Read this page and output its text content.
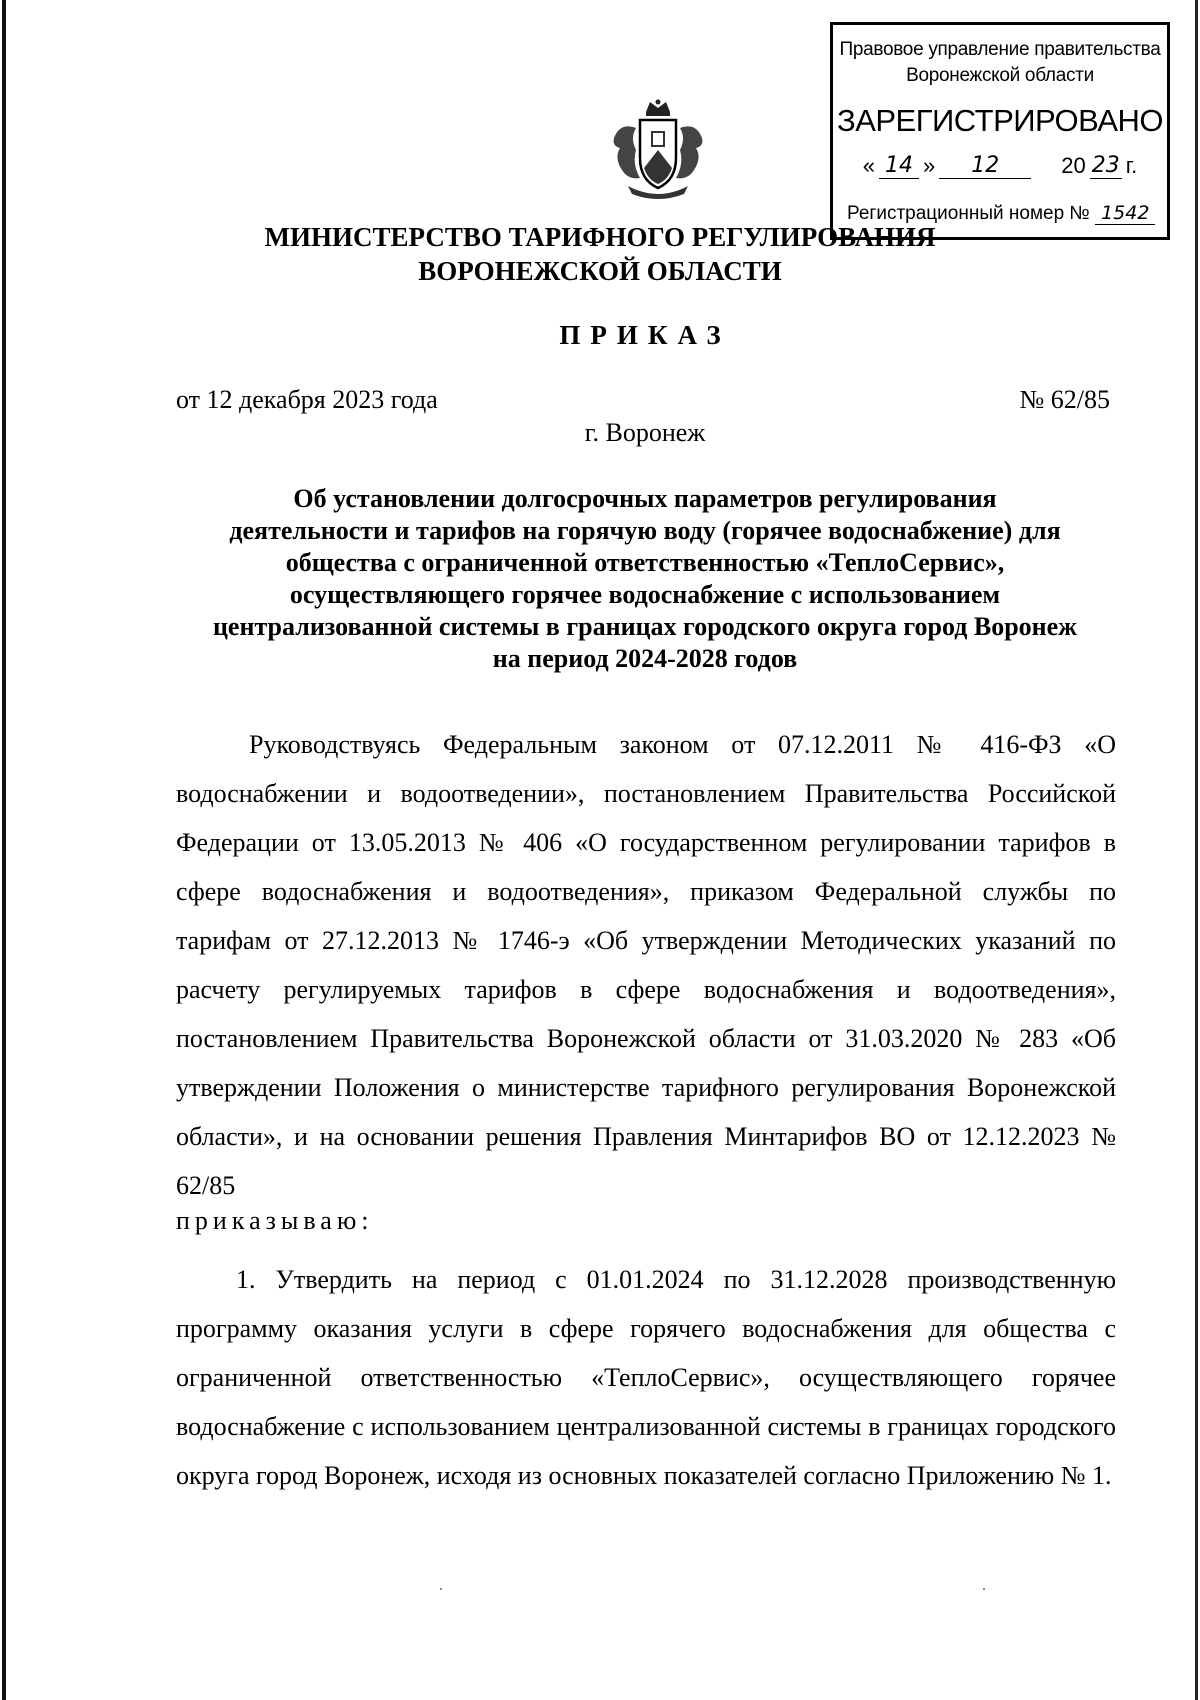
Правовое управление правительства
Воронежской области
ЗАРЕГИСТРИРОВАНО
« 14 »	12	20 23 г.
Регистрационный номер № 1542
МИНИСТЕРСТВО ТАРИФНОГО РЕГУЛИРОВАНИЯ
ВОРОНЕЖСКОЙ ОБЛАСТИ
ПРИКАЗ
от 12 декабря 2023 года	№ 62/85
г. Воронеж
Об установлении долгосрочных параметров регулирования
деятельности и тарифов на горячую воду (горячее водоснабжение) для
общества с ограниченной ответственностью «ТеплоСервис»,
осуществляющего горячее водоснабжение с использованием
централизованной системы в границах городского округа город Воронеж
на период 2024-2028 годов
Руководствуясь Федеральным законом от 07.12.2011 № 416-ФЗ «О водоснабжении и водоотведении», постановлением Правительства Российской Федерации от 13.05.2013 № 406 «О государственном регулировании тарифов в сфере водоснабжения и водоотведения», приказом Федеральной службы по тарифам от 27.12.2013 № 1746-э «Об утверждении Методических указаний по расчету регулируемых тарифов в сфере водоснабжения и водоотведения», постановлением Правительства Воронежской области от 31.03.2020 № 283 «Об утверждении Положения о министерстве тарифного регулирования Воронежской области», и на основании решения Правления Минтарифов ВО от 12.12.2023 № 62/85
приказываю:
1. Утвердить на период с 01.01.2024 по 31.12.2028 производственную программу оказания услуги в сфере горячего водоснабжения для общества с ограниченной ответственностью «ТеплоСервис», осуществляющего горячее водоснабжение с использованием централизованной системы в границах городского округа город Воронеж, исходя из основных показателей согласно Приложению № 1.
